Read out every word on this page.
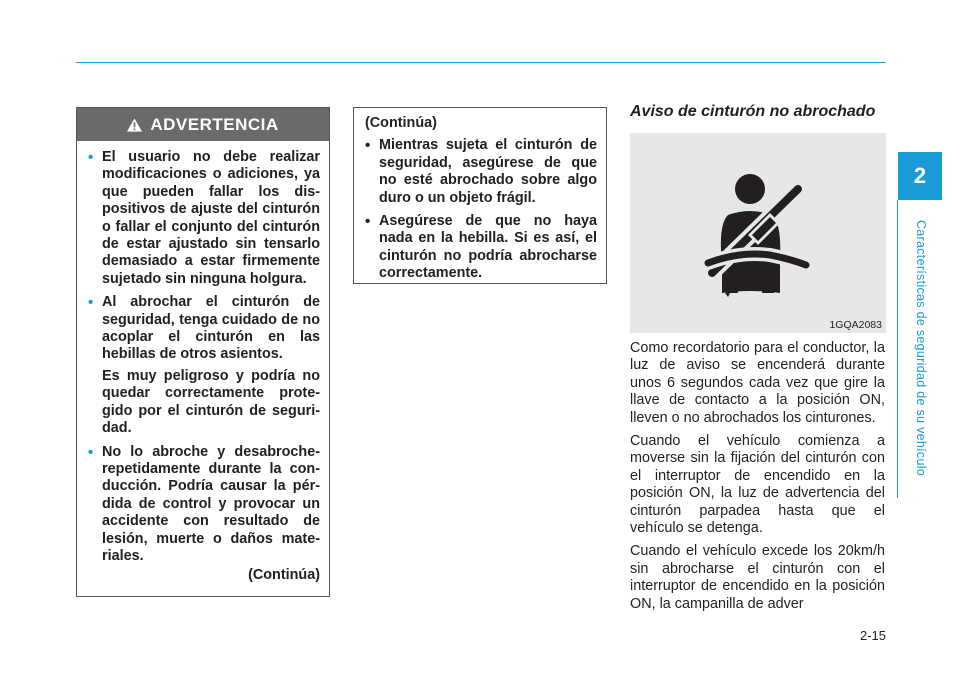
2
Características de seguridad de su vehículo
ADVERTENCIA
• El usuario no debe realizar modificaciones o adiciones, ya que pueden fallar los dispositivos de ajuste del cinturón o fallar el conjunto del cinturón de estar ajustado sin tensarlo demasiado a estar firmemente sujetado sin ninguna holgura.
• Al abrochar el cinturón de seguridad, tenga cuidado de no acoplar el cinturón en las hebillas de otros asientos.
Es muy peligroso y podría no quedar correctamente protegido por el cinturón de seguridad.
• No lo abroche y desabroche repetidamente durante la conducción. Podría causar la pérdida de control y provocar un accidente con resultado de lesión, muerte o daños materiales.
(Continúa)
(Continúa)
• Mientras sujeta el cinturón de seguridad, asegúrese de que no esté abrochado sobre algo duro o un objeto frágil.
• Asegúrese de que no haya nada en la hebilla. Si es así, el cinturón no podría abrocharse correctamente.
Aviso de cinturón no abrochado
1GQA2083

Como recordatorio para el conductor, la luz de aviso se encenderá durante unos 6 segundos cada vez que gire la llave de contacto a la posición ON, lleven o no abrochados los cinturones.

Cuando el vehículo comienza a moverse sin la fijación del cinturón con el interruptor de encendido en la posición ON, la luz de advertencia del cinturón parpadea hasta que el vehículo se detenga.

Cuando el vehículo excede los 20km/h sin abrocharse el cinturón con el interruptor de encendido en la posición ON, la campanilla de adver

2-15
